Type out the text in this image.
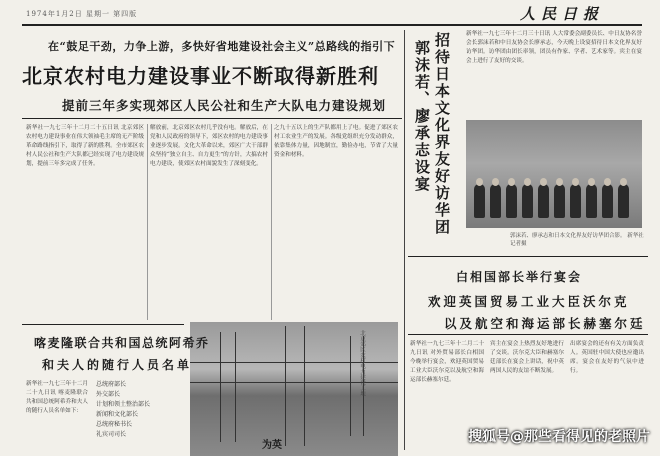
1974年1月2日 星期一 第四版	人民日报
在“鼓足干劲，力争上游，多快好省地建设社会主义”总路线的指引下
北京农村电力建设事业不断取得新胜利
提前三年多实现郊区人民公社和生产大队电力建设规划
新华社一九七三年十二月二十五日讯 北京郊区农村电力建设事业在伟大领袖毛主席的无产阶级革命路线指引下，取得了新的胜利。全市郊区农村人民公社和生产大队都已经实现了电力建设规划，提前三年多完成了任务。
解放前，北京郊区农村几乎没有电。解放后，在党和人民政府的领导下，郊区农村的电力建设事业逐步发展。文化大革命以来，郊区广大干部群众坚持“独立自主、自力更生”的方针，大搞农村电力建设，使郊区农村面貌发生了深刻变化。
之九十五以上的生产队都用上了电。促进了郊区农村工农业生产的发展。各级党组织充分发动群众，依靠集体力量，因地制宜，勤俭办电，节省了大量资金和材料。
北京郊区农村电力建设工地
郭沫若、廖承志设宴 招待日本文化界友好访华团	新华社一九七三年十二月三十日讯 人大常委会副委员长、中日友协名誉会长郭沫若和中日友协会长廖承志，今天晚上设宴招待日本文化界友好访华团。访华团由团长率领，团员有作家、学者、艺术家等。宾主在宴会上进行了友好的交谈。
郭沫若、廖承志和日本文化界友好访华团合影。 新华社记者摄
白相国部长举行宴会
欢迎英国贸易工业大臣沃尔克
以及航空和海运部长赫塞尔廷
新华社一九七三年十二月二十九日讯 对外贸易部长白相国今晚举行宴会，欢迎英国贸易工业大臣沃尔克以及航空和海运部长赫塞尔廷。
宾主在宴会上热烈友好地进行了交谈。沃尔克大臣和赫塞尔廷部长在宴会上讲话，祝中英两国人民的友谊不断发展。
出席宴会的还有有关方面负责人。英国驻中国大使也应邀出席。宴会在友好的气氛中进行。
喀麦隆联合共和国总统阿希乔
和夫人的随行人员名单
新华社一九七三年十二月二十九日讯 喀麦隆联合共和国总统阿希乔和夫人的随行人员名单如下：
总统府部长
外交部长
计划和领土整治部长
新闻和文化部长
总统府秘书长
礼宾司司长
为英
搜狐号@那些看得见的老照片
